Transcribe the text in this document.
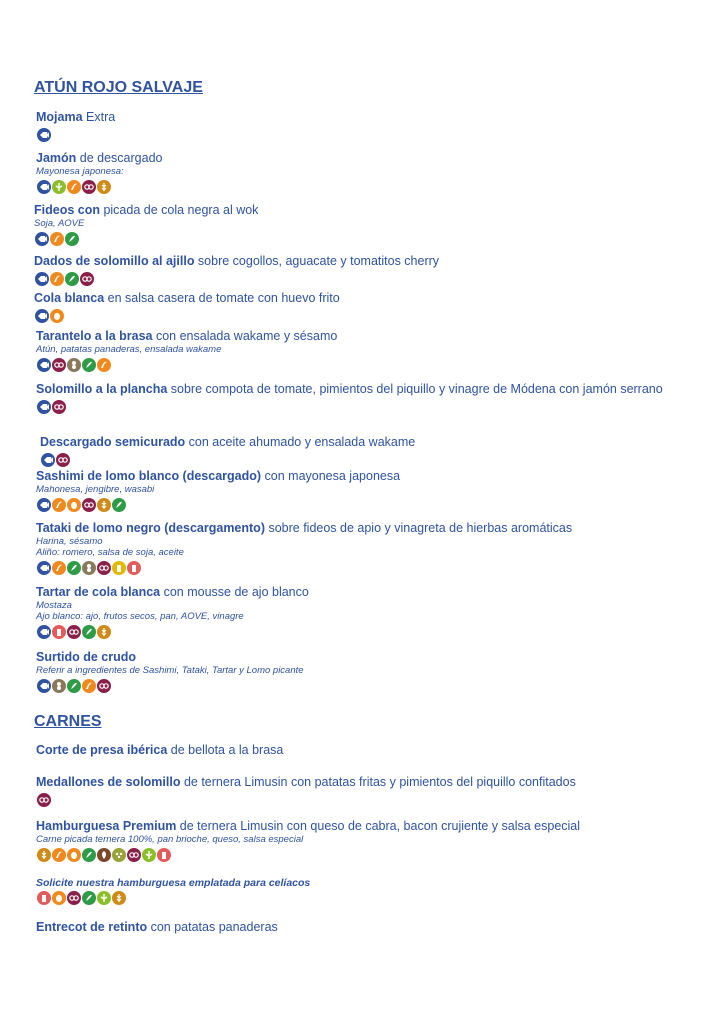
ATÚN ROJO SALVAJE
Mojama Extra
Jamón de descargado
Mayonesa japonesa:
Fideos con picada de cola negra al wok
Soja, AOVE
Dados de solomillo al ajillo sobre cogollos, aguacate y tomatitos cherry
Cola blanca en salsa casera de tomate con huevo frito
Tarantelo a la brasa con ensalada wakame y sésamo
Atún, patatas panaderas, ensalada wakame
Solomillo a la plancha sobre compota de tomate, pimientos del piquillo y vinagre de Módena con jamón serrano
Descargado semicurado con aceite ahumado y ensalada wakame
Sashimi de lomo blanco (descargado) con mayonesa japonesa
Mahonesa, jengibre, wasabi
Tataki de lomo negro (descargamento) sobre fideos de apio y vinagreta de hierbas aromáticas
Harina, sésamo
Aliño: romero, salsa de soja, aceite
Tartar de cola blanca con mousse de ajo blanco
Mostaza
Ajo blanco: ajo, frutos secos, pan, AOVE, vinagre
Surtido de crudo
Referir a ingredientes de Sashimi, Tataki, Tartar y Lomo picante
CARNES
Corte de presa ibérica de bellota a la brasa
Medallones de solomillo de ternera Limusin con patatas fritas y pimientos del piquillo confitados
Hamburguesa Premium de ternera Limusin con queso de cabra, bacon crujiente y salsa especial
Carne picada ternera 100%, pan brioche, queso, salsa especial
Solicite nuestra hamburguesa emplatada para celíacos
Entrecot de retinto con patatas panaderas
